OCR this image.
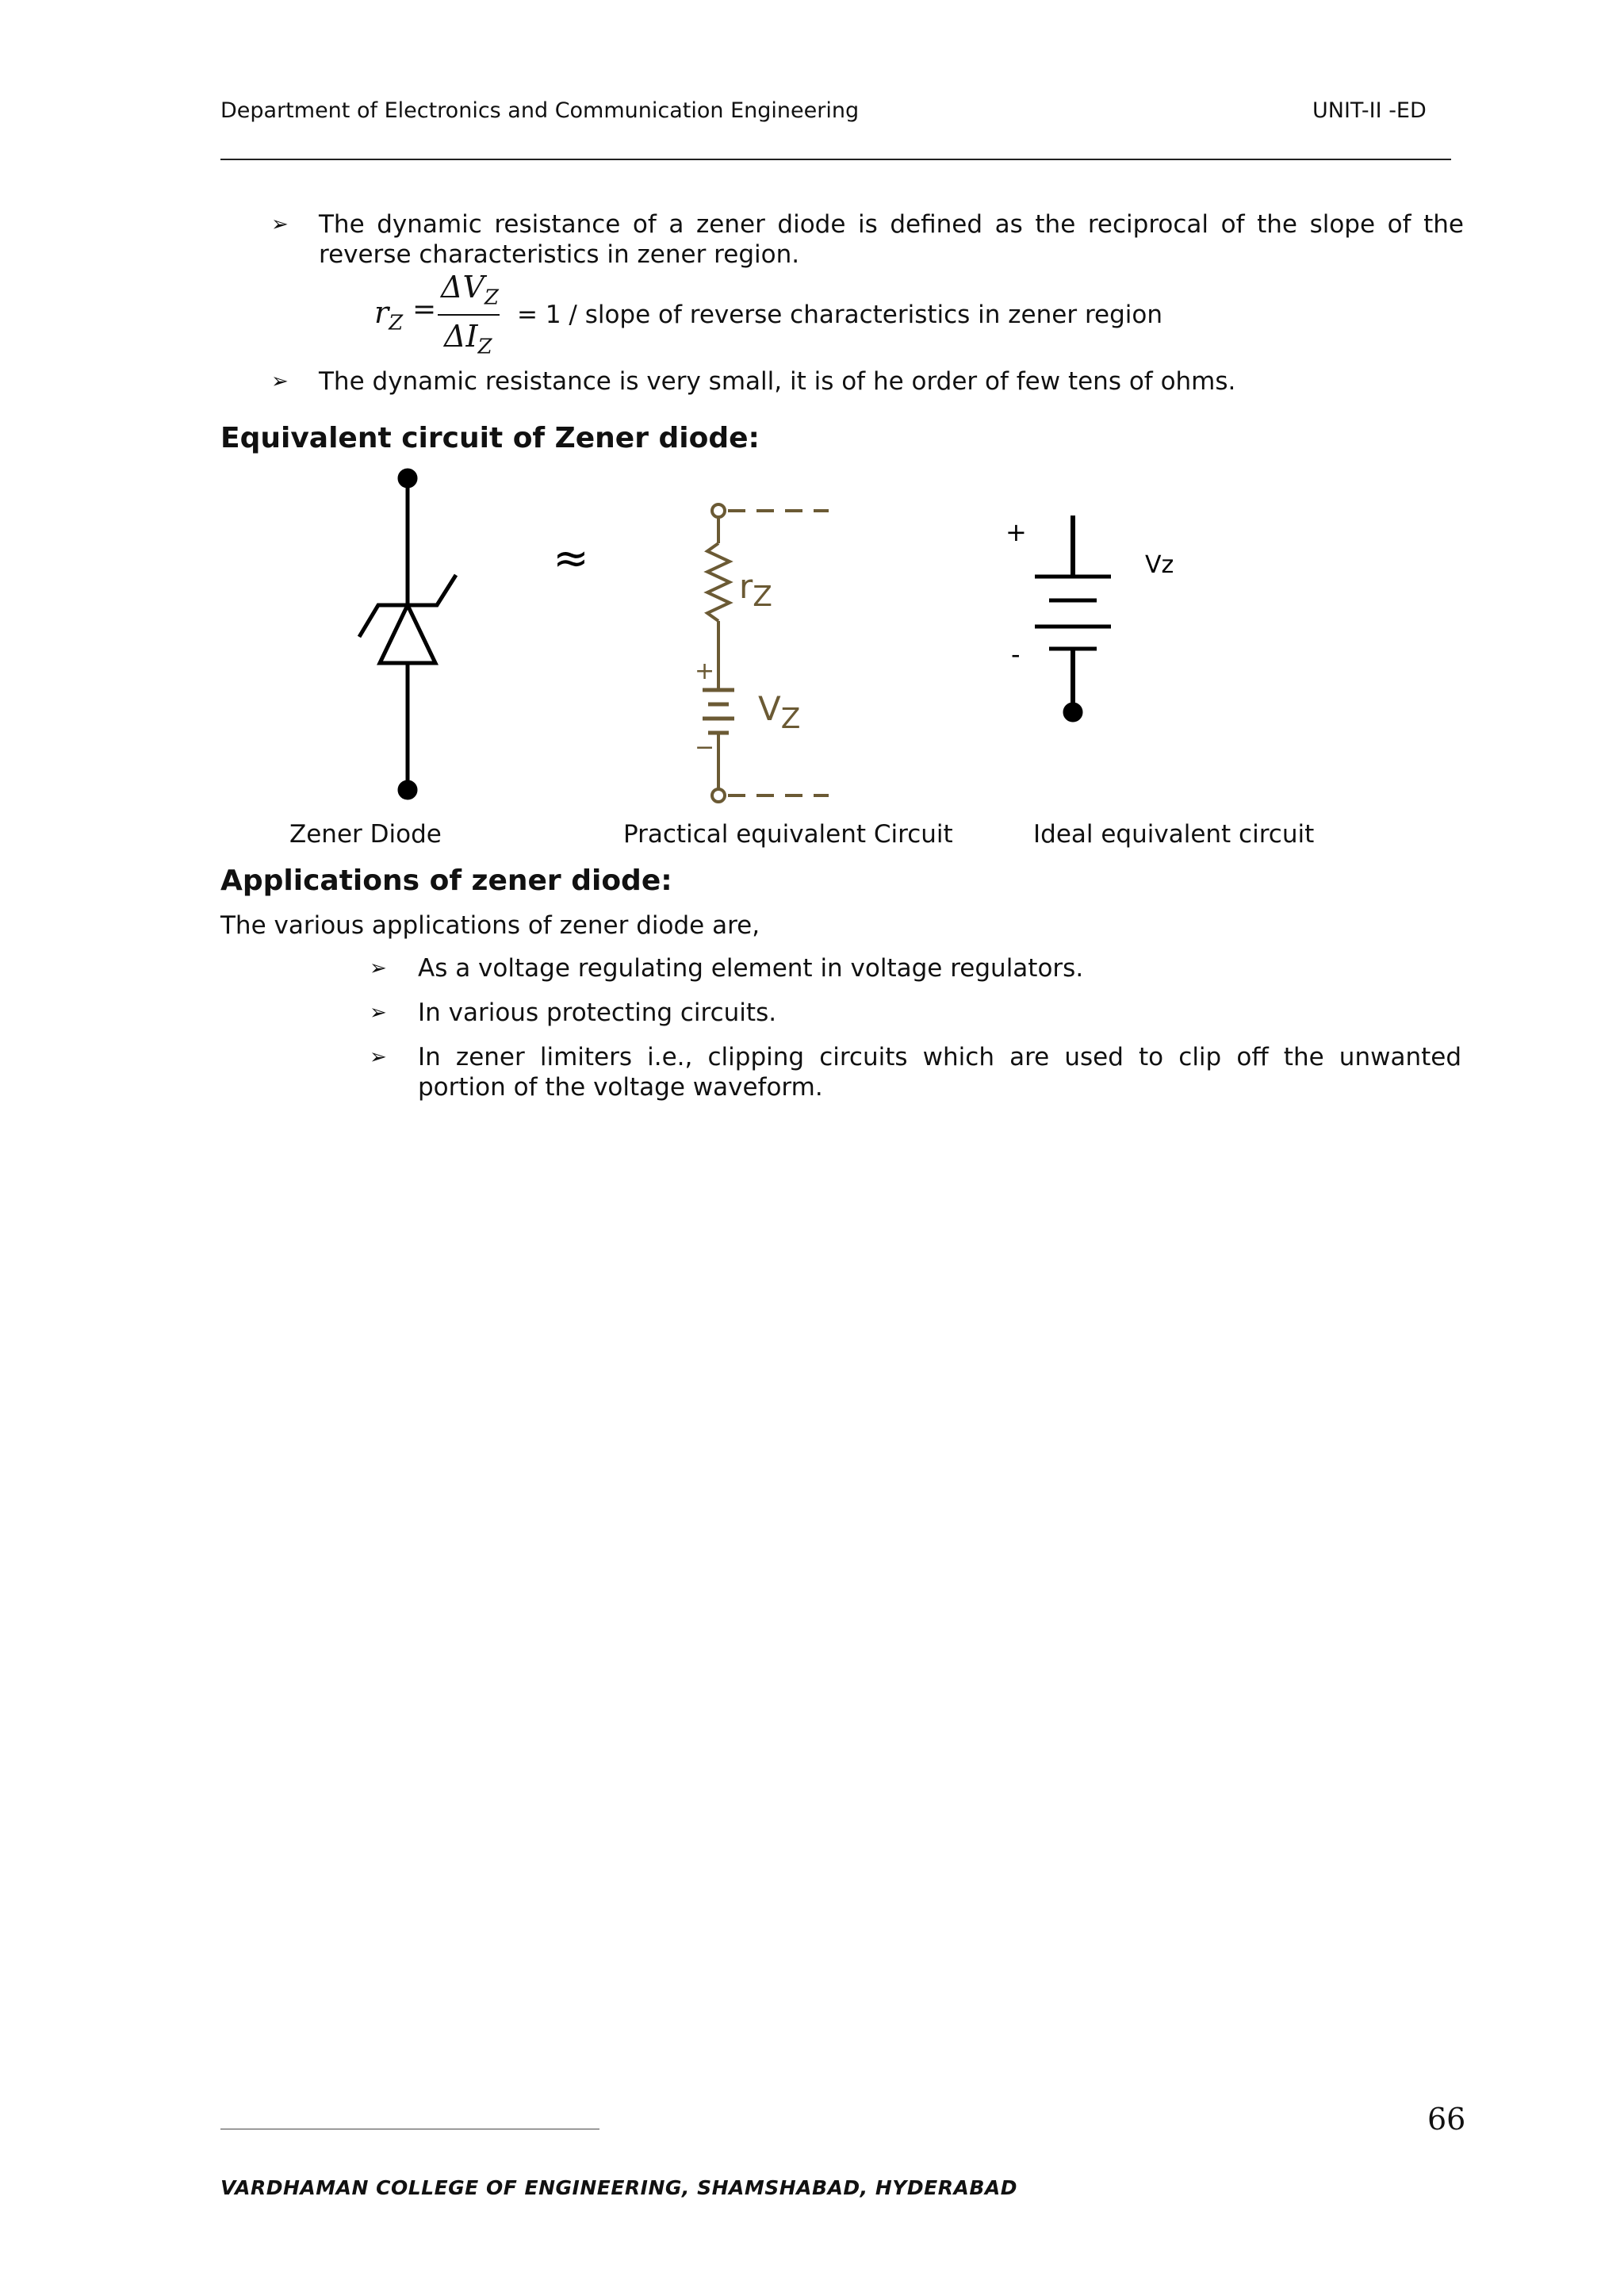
Department of Electronics and Communication Engineering	UNIT-II -ED
➢ The dynamic resistance of a zener diode is defined as the reciprocal of the slope of the reverse characteristics in zener region.
$r_Z$ =
$\Delta V_Z$
$\Delta I_Z$
= 1 / slope of reverse characteristics in zener region
➢ The dynamic resistance is very small, it is of he order of few tens of ohms.
Equivalent circuit of Zener diode:
≈
rZ
VZ
+
−
+
-
Vz
Zener Diode	Practical equivalent Circuit	Ideal equivalent circuit
Applications of zener diode:
The various applications of zener diode are,
➢ As a voltage regulating element in voltage regulators.
➢ In various protecting circuits.
➢ In zener limiters i.e., clipping circuits which are used to clip off the unwanted portion of the voltage waveform.
66
VARDHAMAN COLLEGE OF ENGINEERING, SHAMSHABAD, HYDERABAD
